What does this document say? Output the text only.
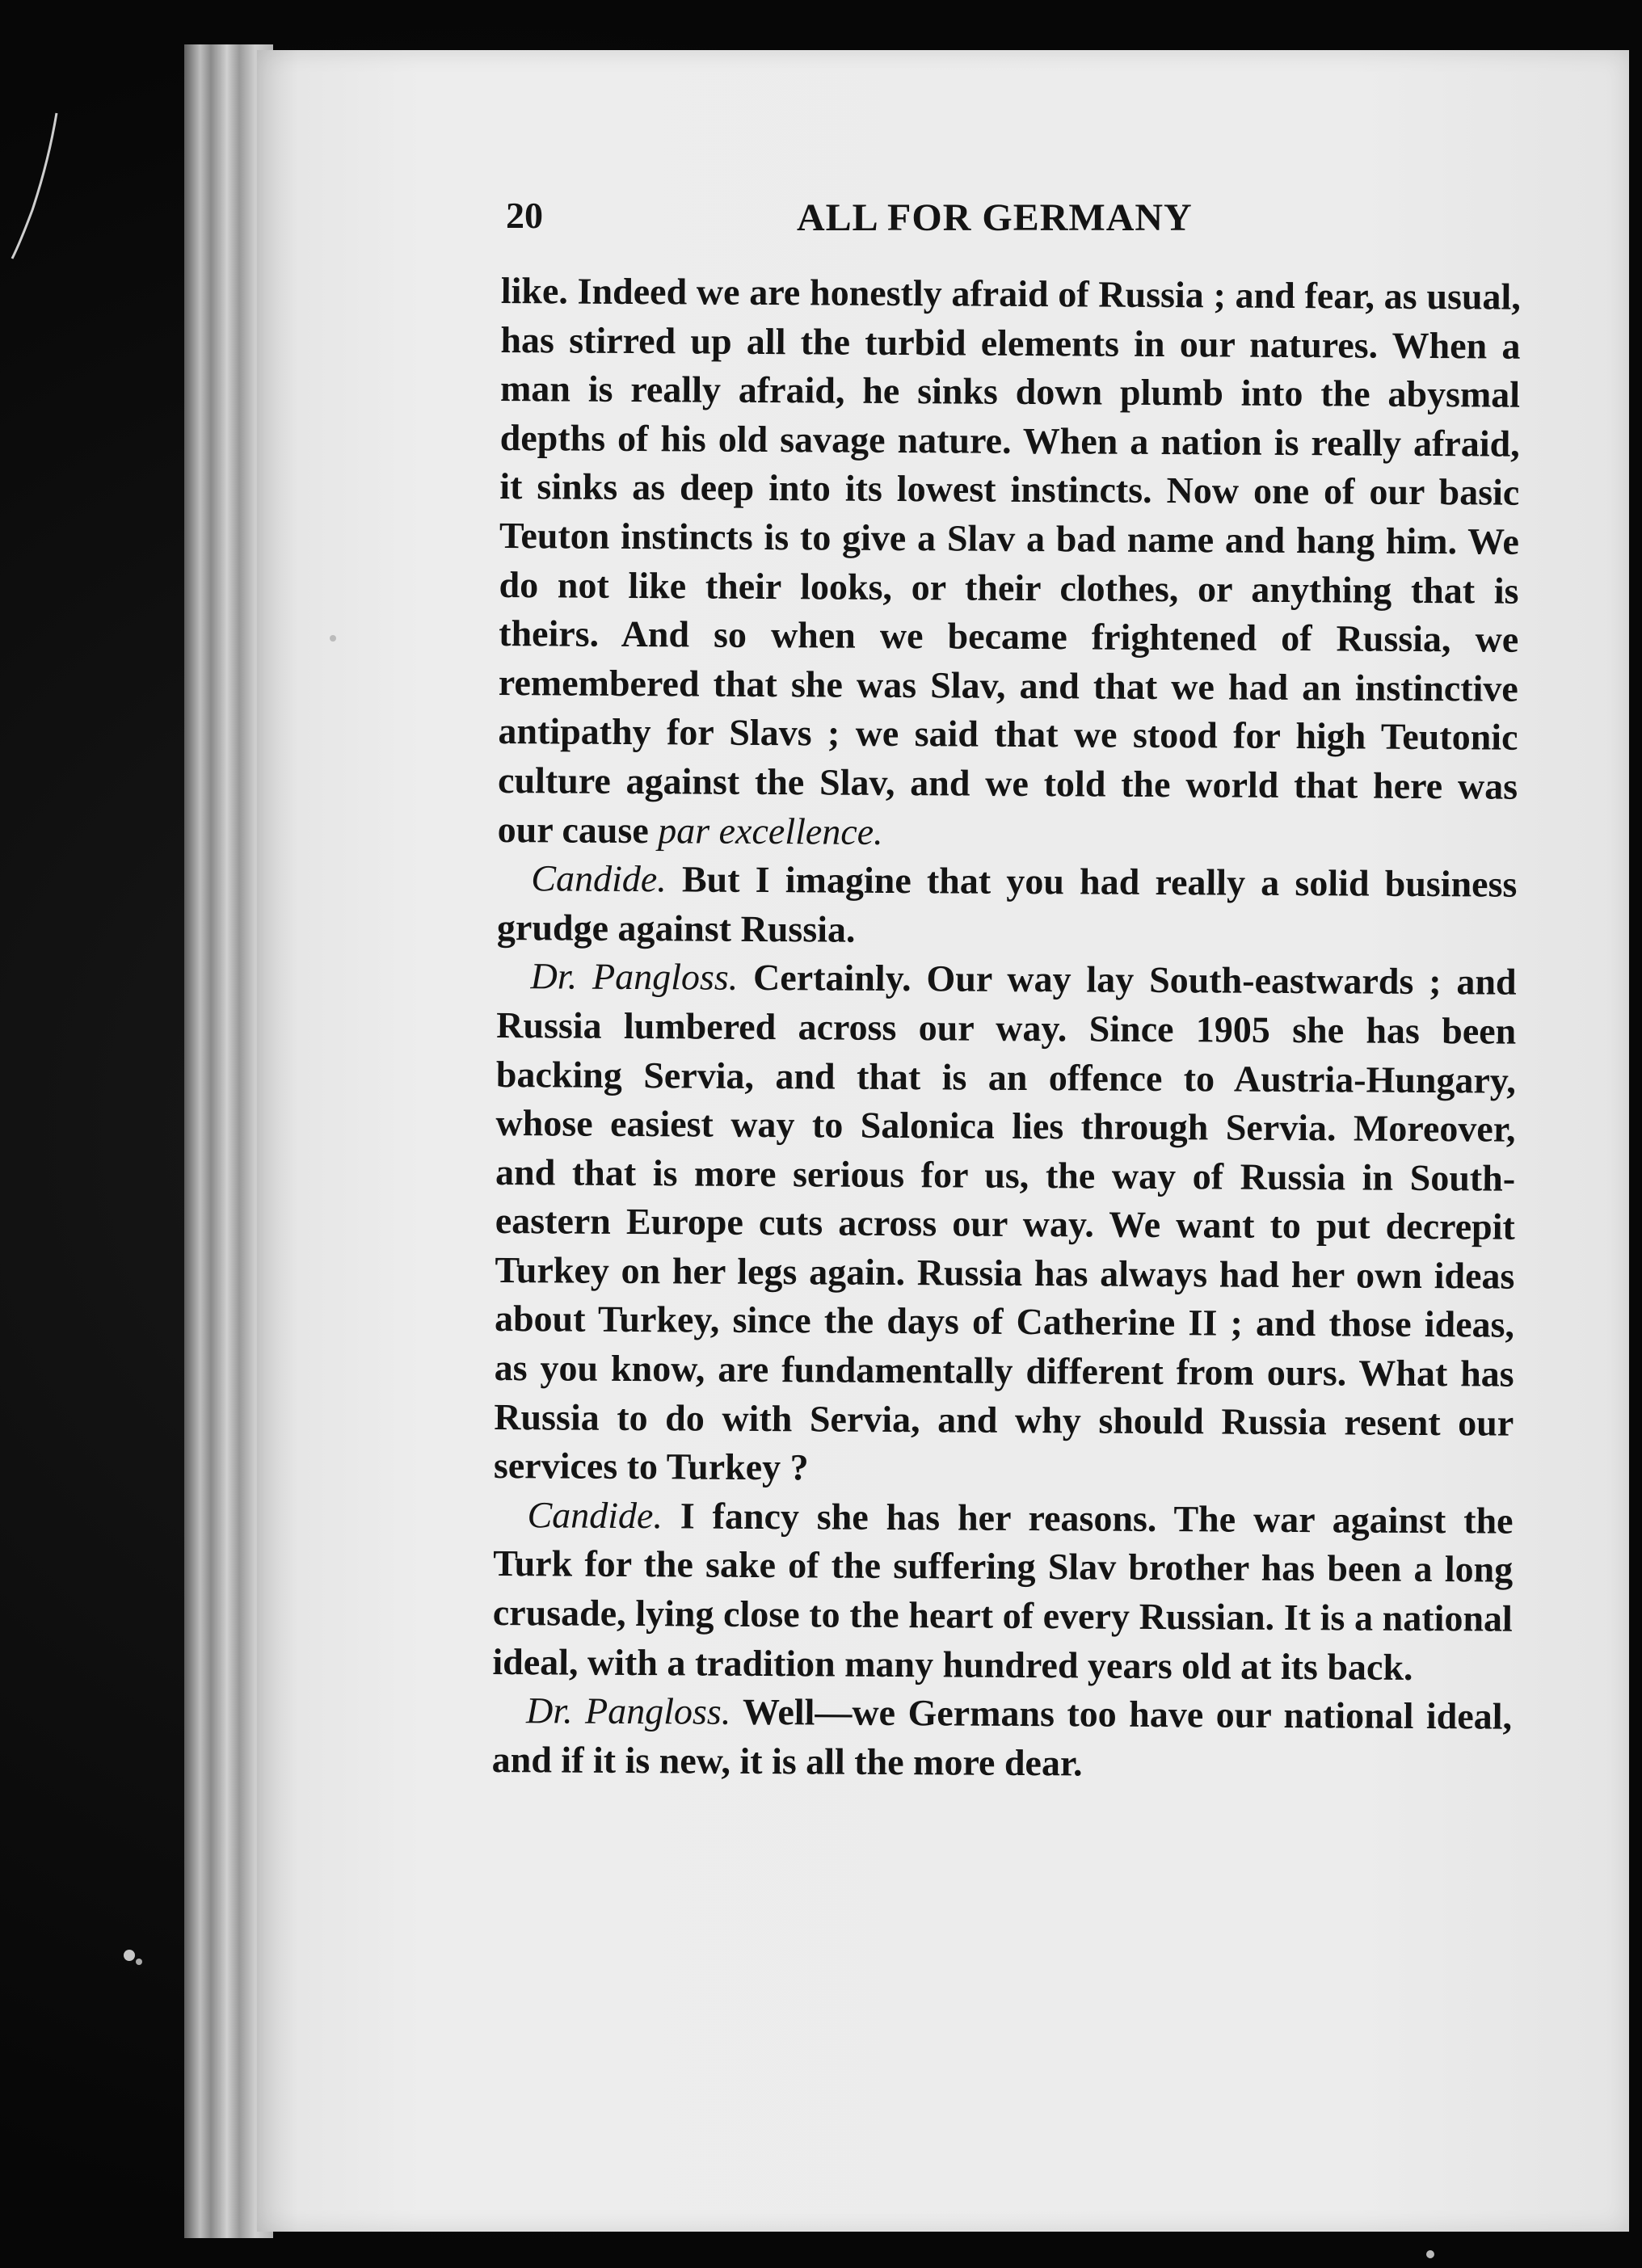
20	ALL FOR GERMANY

like. Indeed we are honestly afraid of Russia ; and fear, as usual, has stirred up all the turbid elements in our natures. When a man is really afraid, he sinks down plumb into the abysmal depths of his old savage nature. When a nation is really afraid, it sinks as deep into its lowest instincts. Now one of our basic Teuton instincts is to give a Slav a bad name and hang him. We do not like their looks, or their clothes, or anything that is theirs. And so when we became frightened of Russia, we remembered that she was Slav, and that we had an instinctive antipathy for Slavs ; we said that we stood for high Teutonic culture against the Slav, and we told the world that here was our cause par excellence.

Candide. But I imagine that you had really a solid business grudge against Russia.

Dr. Pangloss. Certainly. Our way lay South-eastwards ; and Russia lumbered across our way. Since 1905 she has been backing Servia, and that is an offence to Austria-Hungary, whose easiest way to Salonica lies through Servia. Moreover, and that is more serious for us, the way of Russia in South-eastern Europe cuts across our way. We want to put decrepit Turkey on her legs again. Russia has always had her own ideas about Turkey, since the days of Catherine II ; and those ideas, as you know, are fundamentally different from ours. What has Russia to do with Servia, and why should Russia resent our services to Turkey ?

Candide. I fancy she has her reasons. The war against the Turk for the sake of the suffering Slav brother has been a long crusade, lying close to the heart of every Russian. It is a national ideal, with a tradition many hundred years old at its back.

Dr. Pangloss. Well—we Germans too have our national ideal, and if it is new, it is all the more dear.
